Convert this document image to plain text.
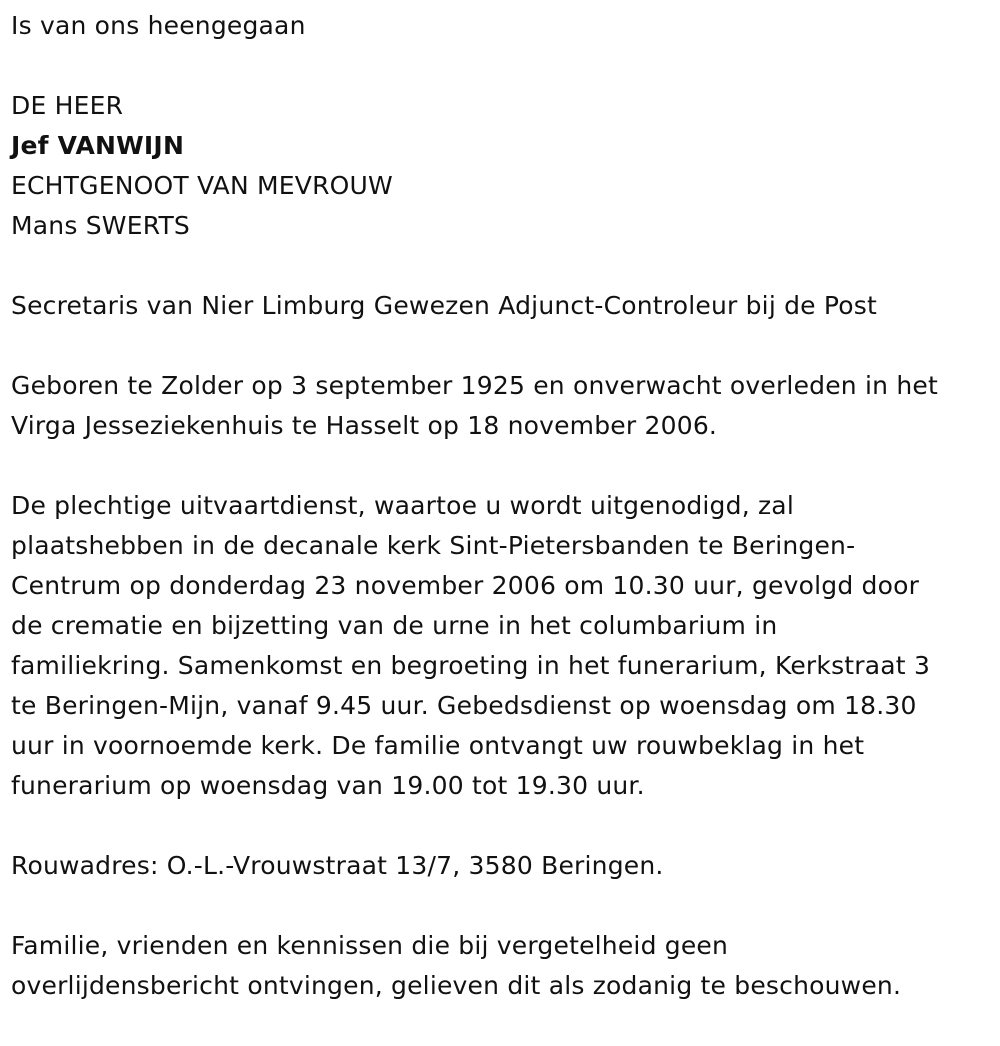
Is van ons heengegaan
DE HEER
Jef VANWIJN
ECHTGENOOT VAN MEVROUW
Mans SWERTS
Secretaris van Nier Limburg Gewezen Adjunct-Controleur bij de Post
Geboren te Zolder op 3 september 1925 en onverwacht overleden in het
Virga Jesseziekenhuis te Hasselt op 18 november 2006.
De plechtige uitvaartdienst, waartoe u wordt uitgenodigd, zal
plaatshebben in de decanale kerk Sint-Pietersbanden te Beringen-
Centrum op donderdag 23 november 2006 om 10.30 uur, gevolgd door
de crematie en bijzetting van de urne in het columbarium in
familiekring. Samenkomst en begroeting in het funerarium, Kerkstraat 3
te Beringen-Mijn, vanaf 9.45 uur. Gebedsdienst op woensdag om 18.30
uur in voornoemde kerk. De familie ontvangt uw rouwbeklag in het
funerarium op woensdag van 19.00 tot 19.30 uur.
Rouwadres: O.-L.-Vrouwstraat 13/7, 3580 Beringen.
Familie, vrienden en kennissen die bij vergetelheid geen
overlijdensbericht ontvingen, gelieven dit als zodanig te beschouwen.
